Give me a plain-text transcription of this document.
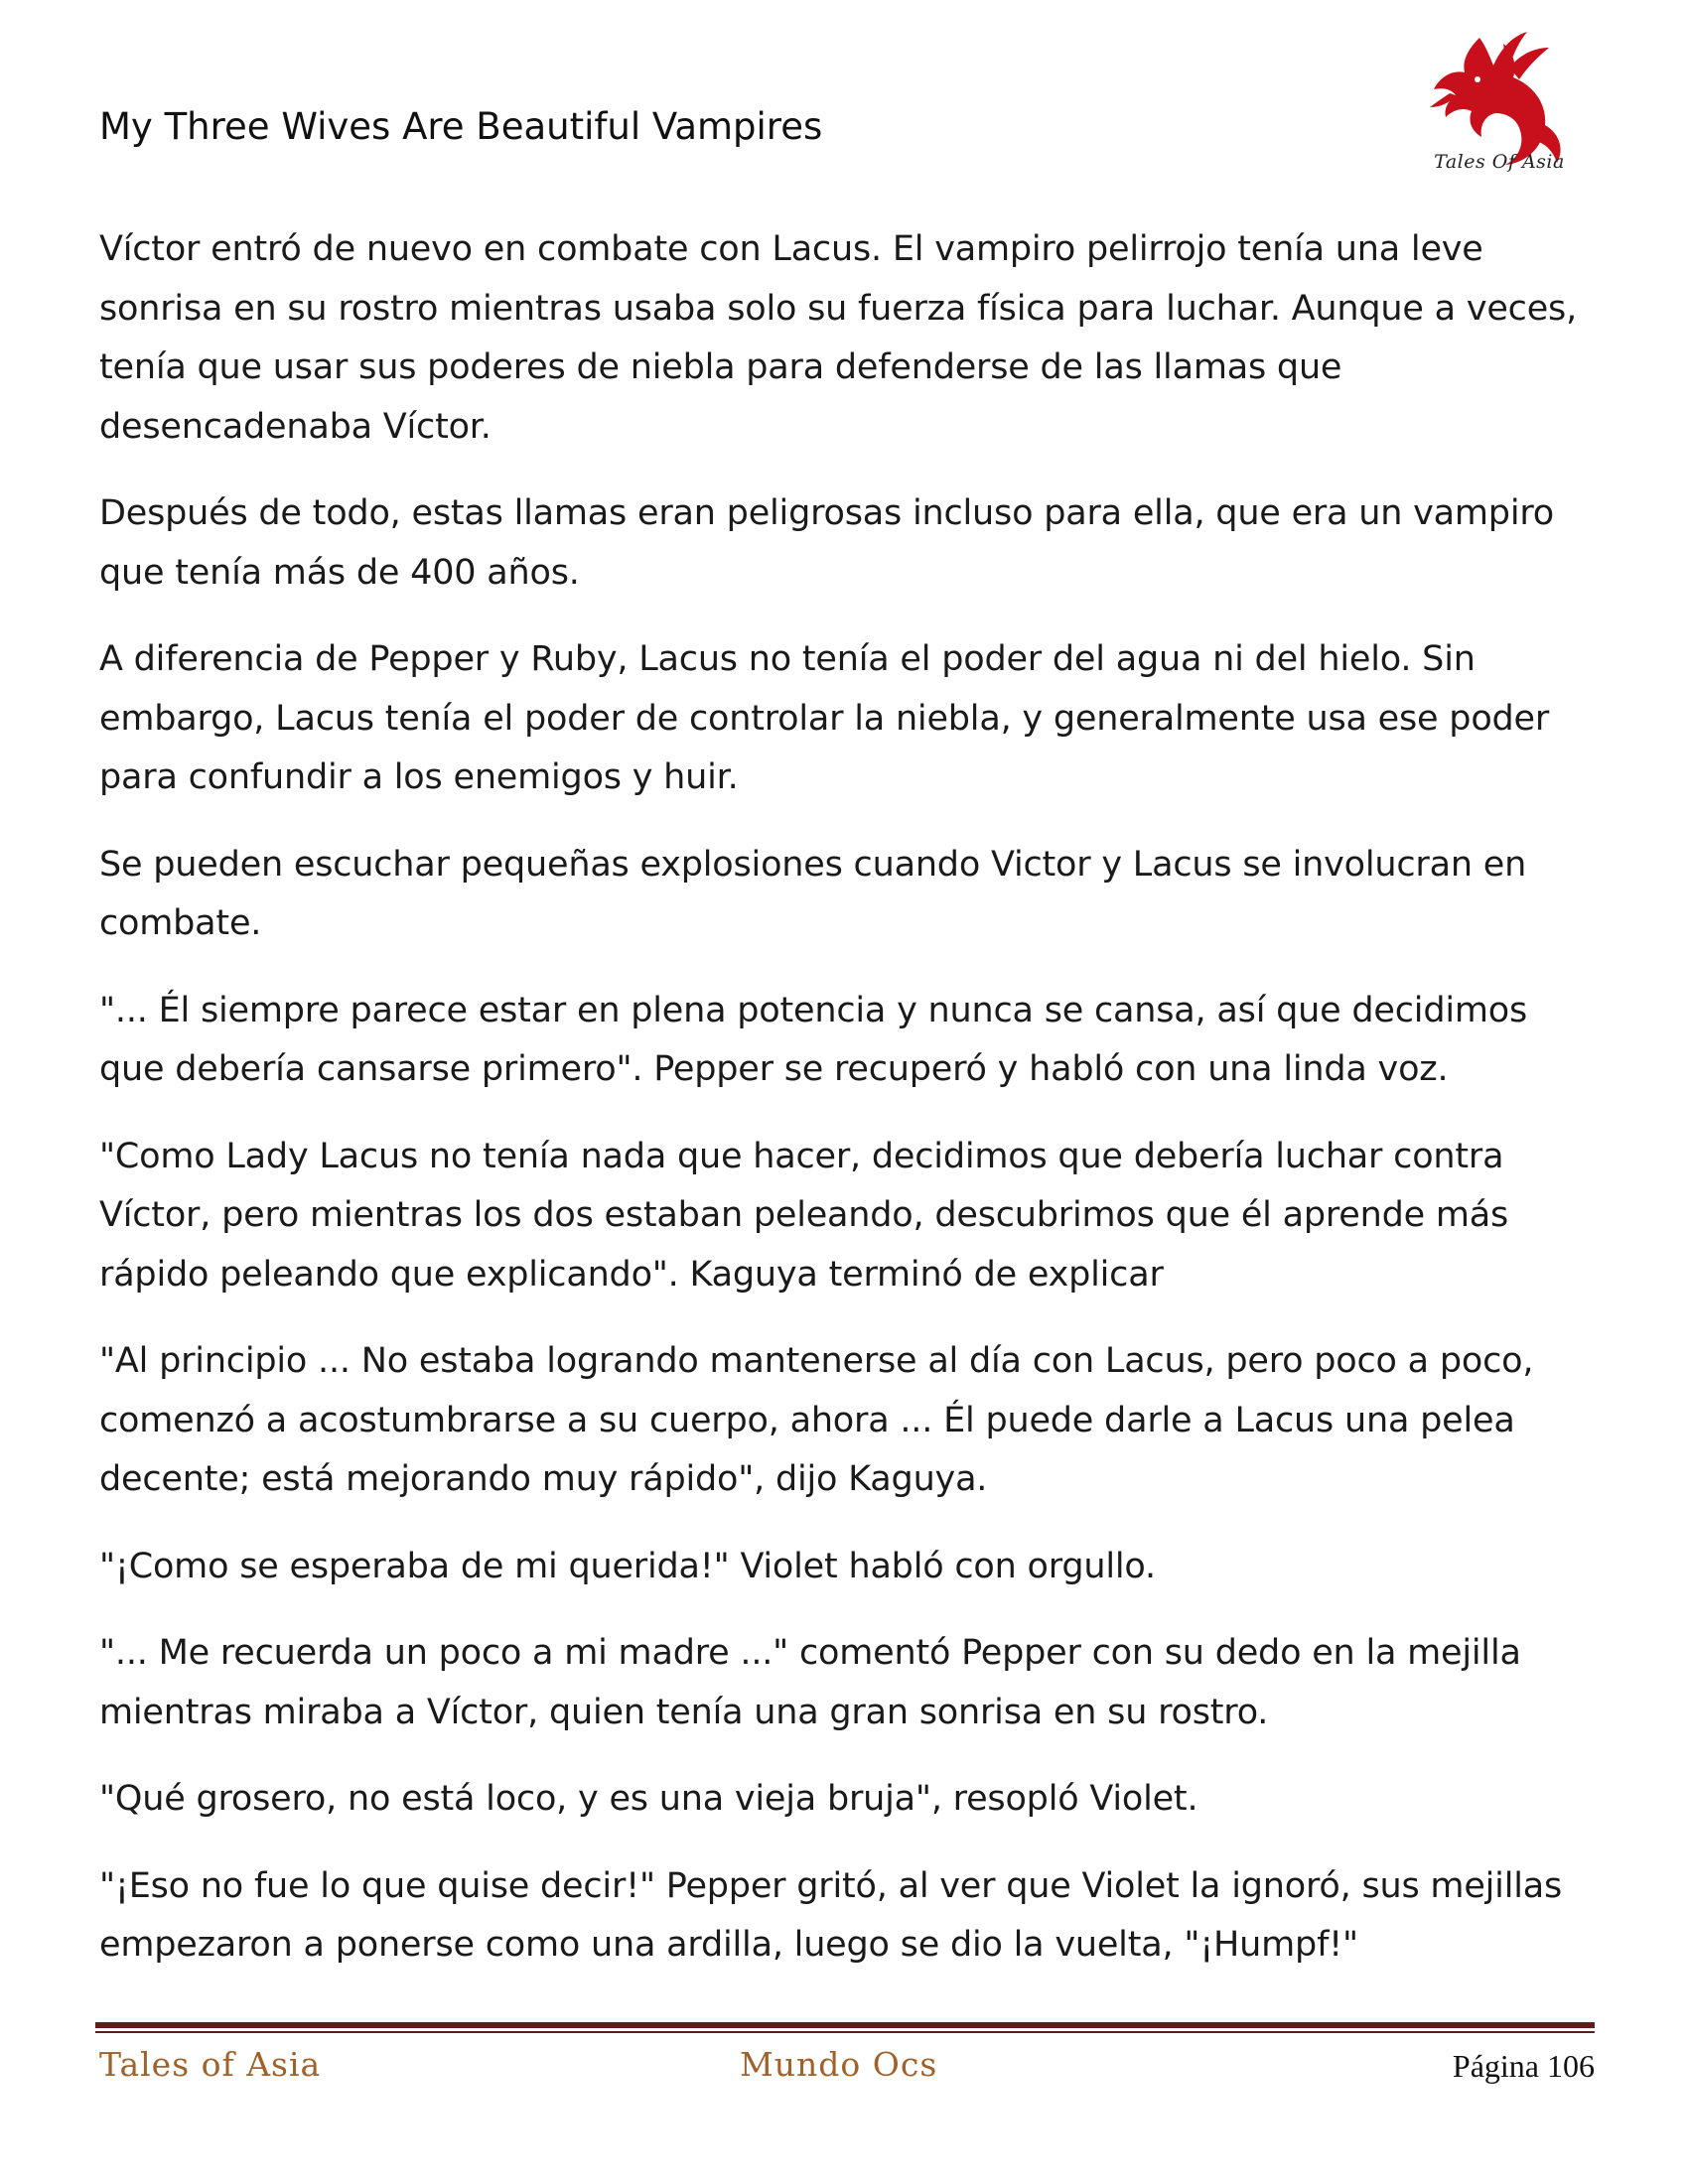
My Three Wives Are Beautiful Vampires
Tales Of Asia

Víctor entró de nuevo en combate con Lacus. El vampiro pelirrojo tenía una leve sonrisa en su rostro mientras usaba solo su fuerza física para luchar. Aunque a veces, tenía que usar sus poderes de niebla para defenderse de las llamas que desencadenaba Víctor.

Después de todo, estas llamas eran peligrosas incluso para ella, que era un vampiro que tenía más de 400 años.

A diferencia de Pepper y Ruby, Lacus no tenía el poder del agua ni del hielo. Sin embargo, Lacus tenía el poder de controlar la niebla, y generalmente usa ese poder para confundir a los enemigos y huir.

Se pueden escuchar pequeñas explosiones cuando Victor y Lacus se involucran en combate.

"... Él siempre parece estar en plena potencia y nunca se cansa, así que decidimos que debería cansarse primero". Pepper se recuperó y habló con una linda voz.

"Como Lady Lacus no tenía nada que hacer, decidimos que debería luchar contra Víctor, pero mientras los dos estaban peleando, descubrimos que él aprende más rápido peleando que explicando". Kaguya terminó de explicar

"Al principio ... No estaba logrando mantenerse al día con Lacus, pero poco a poco, comenzó a acostumbrarse a su cuerpo, ahora ... Él puede darle a Lacus una pelea decente; está mejorando muy rápido", dijo Kaguya.

"¡Como se esperaba de mi querida!" Violet habló con orgullo.

"... Me recuerda un poco a mi madre ..." comentó Pepper con su dedo en la mejilla mientras miraba a Víctor, quien tenía una gran sonrisa en su rostro.

"Qué grosero, no está loco, y es una vieja bruja", resopló Violet.

"¡Eso no fue lo que quise decir!" Pepper gritó, al ver que Violet la ignoró, sus mejillas empezaron a ponerse como una ardilla, luego se dio la vuelta, "¡Humpf!"

Tales of Asia	Mundo Ocs	Página 106
